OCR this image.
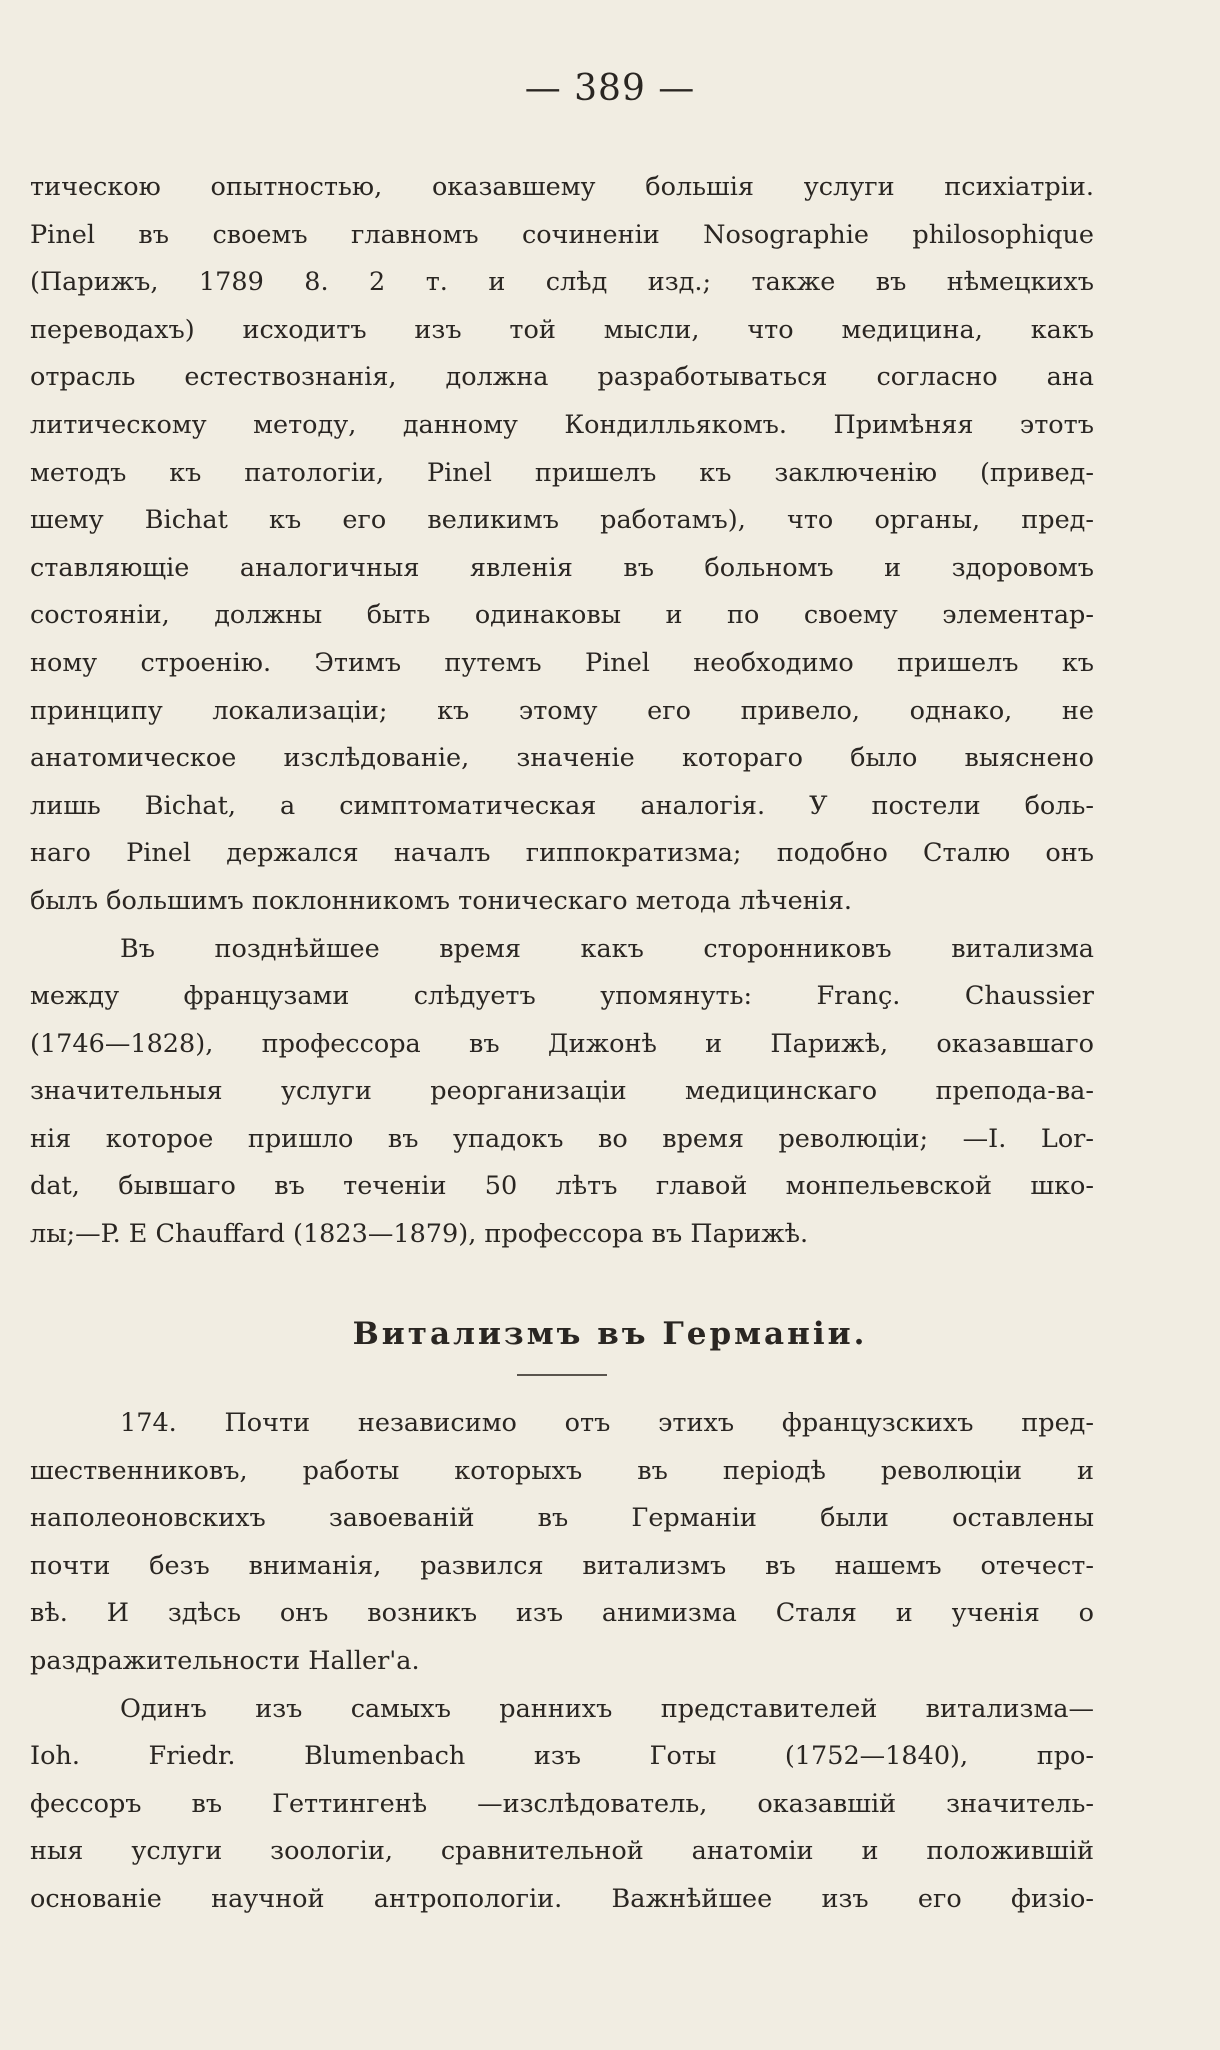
— 389 —
тическою опытностью, оказавшему большія услуги психіатріи.
Pinel въ своемъ главномъ сочиненіи Nosographie philosophique
(Парижъ, 1789 8. 2 т. и слѣд изд.; также въ нѣмецкихъ
переводахъ) исходитъ изъ той мысли, что медицина, какъ
отрасль естествознанія, должна разработываться согласно ана
литическому методу, данному Кондилльякомъ. Примѣняя этотъ
методъ къ патологіи, Pinel пришелъ къ заключенію (привед-
шему Bichat къ его великимъ работамъ), что органы, пред-
ставляющіе аналогичныя явленія въ больномъ и здоровомъ
состояніи, должны быть одинаковы и по своему элементар-
ному строенію. Этимъ путемъ Pinel необходимо пришелъ къ
принципу локализаціи; къ этому его привело, однако, не
анатомическое изслѣдованіе, значеніе котораго было выяснено
лишь Bichat, а симптоматическая аналогія. У постели боль-
наго Pinel держался началъ гиппократизма; подобно Сталю онъ
былъ большимъ поклонникомъ тоническаго метода лѣченія.
Въ позднѣйшее время какъ сторонниковъ витализма
между французами слѣдуетъ упомянуть: Franç. Chaussier
(1746—1828), профессора въ Дижонѣ и Парижѣ, оказавшаго
значительныя услуги реорганизаціи медицинскаго препода-ва-
нія которое пришло въ упадокъ во время революціи; —I. Lor-
dat, бывшаго въ теченіи 50 лѣтъ главой монпельевской шко-
лы;—P. E Chauffard (1823—1879), профессора въ Парижѣ.
Витализмъ въ Германіи.
174. Почти независимо отъ этихъ французскихъ пред-
шественниковъ, работы которыхъ въ періодѣ революціи и
наполеоновскихъ завоеваній въ Германіи были оставлены
почти безъ вниманія, развился витализмъ въ нашемъ отечест-
вѣ. И здѣсь онъ возникъ изъ анимизма Сталя и ученія о
раздражительности Haller'a.
Одинъ изъ самыхъ раннихъ представителей витализма—
Ioh. Friedr. Blumenbach изъ Готы (1752—1840), про-
фессоръ въ Геттингенѣ —изслѣдователь, оказавшій значитель-
ныя услуги зоологіи, сравнительной анатоміи и положившій
основаніе научной антропологіи. Важнѣйшее изъ его физіо-
